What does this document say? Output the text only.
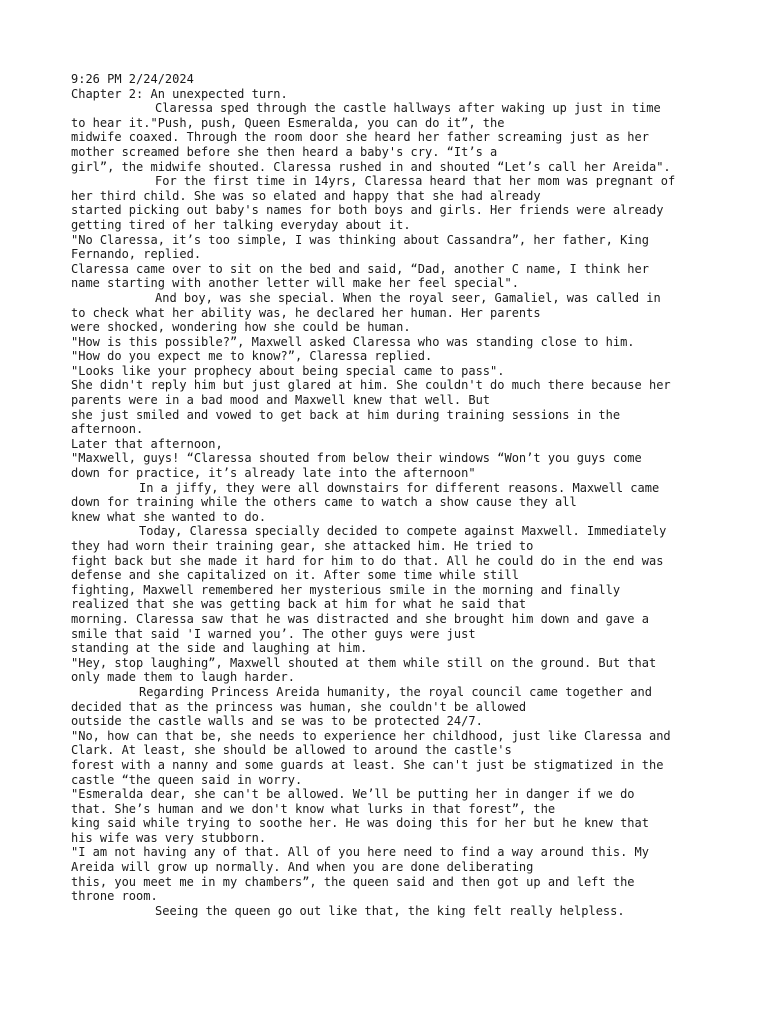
9:26 PM 2/24/2024
Chapter 2: An unexpected turn.
Claressa sped through the castle hallways after waking up just in time
to hear it."Push, push, Queen Esmeralda, you can do it”, the
midwife coaxed. Through the room door she heard her father screaming just as her
mother screamed before she then heard a baby's cry. “It’s a
girl”, the midwife shouted. Claressa rushed in and shouted “Let’s call her Areida".
For the first time in 14yrs, Claressa heard that her mom was pregnant of
her third child. She was so elated and happy that she had already
started picking out baby's names for both boys and girls. Her friends were already
getting tired of her talking everyday about it.
"No Claressa, it’s too simple, I was thinking about Cassandra”, her father, King
Fernando, replied.
Claressa came over to sit on the bed and said, “Dad, another C name, I think her
name starting with another letter will make her feel special".
And boy, was she special. When the royal seer, Gamaliel, was called in
to check what her ability was, he declared her human. Her parents
were shocked, wondering how she could be human.
"How is this possible?”, Maxwell asked Claressa who was standing close to him.
"How do you expect me to know?”, Claressa replied.
"Looks like your prophecy about being special came to pass".
She didn't reply him but just glared at him. She couldn't do much there because her
parents were in a bad mood and Maxwell knew that well. But
she just smiled and vowed to get back at him during training sessions in the
afternoon.
Later that afternoon,
"Maxwell, guys! “Claressa shouted from below their windows “Won’t you guys come
down for practice, it’s already late into the afternoon"
In a jiffy, they were all downstairs for different reasons. Maxwell came
down for training while the others came to watch a show cause they all
knew what she wanted to do.
Today, Claressa specially decided to compete against Maxwell. Immediately
they had worn their training gear, she attacked him. He tried to
fight back but she made it hard for him to do that. All he could do in the end was
defense and she capitalized on it. After some time while still
fighting, Maxwell remembered her mysterious smile in the morning and finally
realized that she was getting back at him for what he said that
morning. Claressa saw that he was distracted and she brought him down and gave a
smile that said 'I warned you’. The other guys were just
standing at the side and laughing at him.
"Hey, stop laughing”, Maxwell shouted at them while still on the ground. But that
only made them to laugh harder.
Regarding Princess Areida humanity, the royal council came together and
decided that as the princess was human, she couldn't be allowed
outside the castle walls and se was to be protected 24/7.
"No, how can that be, she needs to experience her childhood, just like Claressa and
Clark. At least, she should be allowed to around the castle's
forest with a nanny and some guards at least. She can't just be stigmatized in the
castle “the queen said in worry.
"Esmeralda dear, she can't be allowed. We’ll be putting her in danger if we do
that. She’s human and we don't know what lurks in that forest”, the
king said while trying to soothe her. He was doing this for her but he knew that
his wife was very stubborn.
"I am not having any of that. All of you here need to find a way around this. My
Areida will grow up normally. And when you are done deliberating
this, you meet me in my chambers”, the queen said and then got up and left the
throne room.
Seeing the queen go out like that, the king felt really helpless.
